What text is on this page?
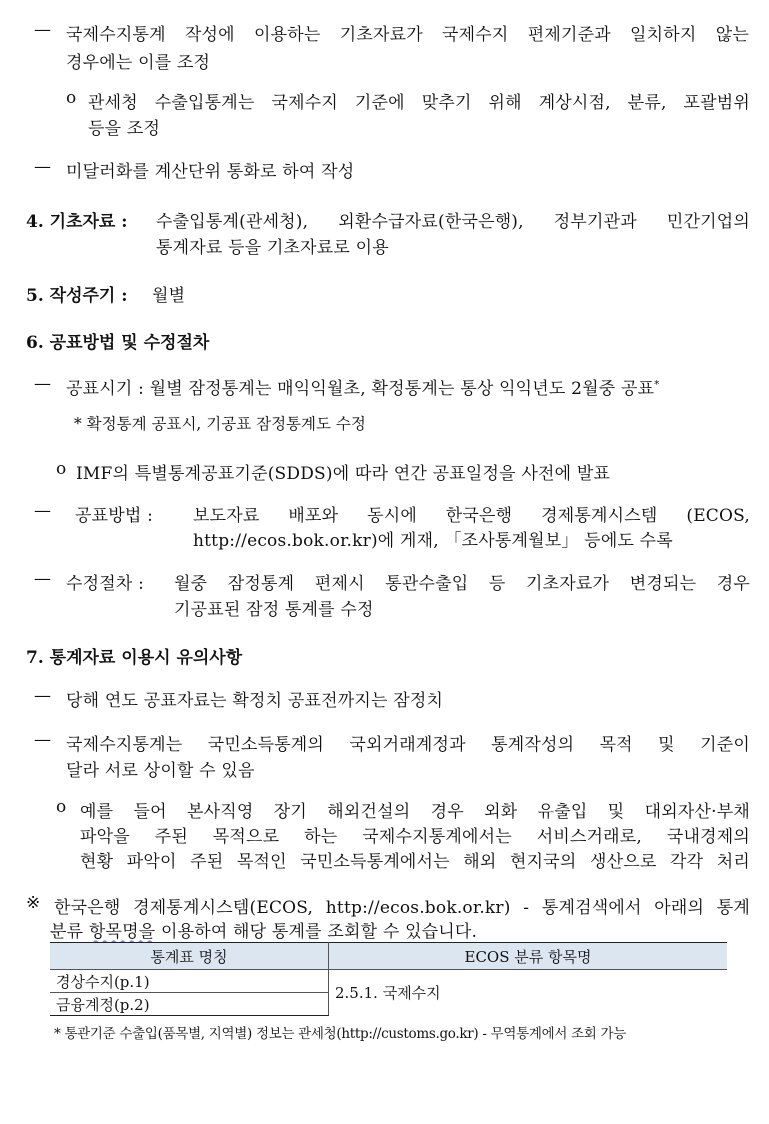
— 국제수지통계 작성에 이용하는 기초자료가 국제수지 편제기준과 일치하지 않는
경우에는 이를 조정
o 관세청 수출입통계는 국제수지 기준에 맞추기 위해 계상시점, 분류, 포괄범위
등을 조정
— 미달러화를 계산단위 통화로 하여 작성
4. 기초자료 : 수출입통계(관세청), 외환수급자료(한국은행), 정부기관과 민간기업의
통계자료 등을 기초자료로 이용
5. 작성주기 : 월별
6. 공표방법 및 수정절차
— 공표시기 : 월별 잠정통계는 매익익월초, 확정통계는 통상 익익년도 2월중 공표*
* 확정통계 공표시, 기공표 잠정통계도 수정
o IMF의 특별통계공표기준(SDDS)에 따라 연간 공표일정을 사전에 발표
— 공표방법 : 보도자료 배포와 동시에 한국은행 경제통계시스템 (ECOS,
http://ecos.bok.or.kr)에 게재, 「조사통계월보」 등에도 수록
— 수정절차 : 월중 잠정통계 편제시 통관수출입 등 기초자료가 변경되는 경우
기공표된 잠정 통계를 수정
7. 통계자료 이용시 유의사항
— 당해 연도 공표자료는 확정치 공표전까지는 잠정치
— 국제수지통계는 국민소득통계의 국외거래계정과 통계작성의 목적 및 기준이
달라 서로 상이할 수 있음
o 예를 들어 본사직영 장기 해외건설의 경우 외화 유출입 및 대외자산·부채
파악을 주된 목적으로 하는 국제수지통계에서는 서비스거래로, 국내경제의
현황 파악이 주된 목적인 국민소득통계에서는 해외 현지국의 생산으로 각각 처리
※ 한국은행 경제통계시스템(ECOS, http://ecos.bok.or.kr) - 통계검색에서 아래의 통계
분류 항목명을 이용하여 해당 통계를 조회할 수 있습니다.
통계표 명칭	ECOS 분류 항목명
경상수지(p.1)	2.5.1. 국제수지
금융계정(p.2)	
* 통관기준 수출입(품목별, 지역별) 정보는 관세청(http://customs.go.kr) - 무역통계에서 조회 가능
